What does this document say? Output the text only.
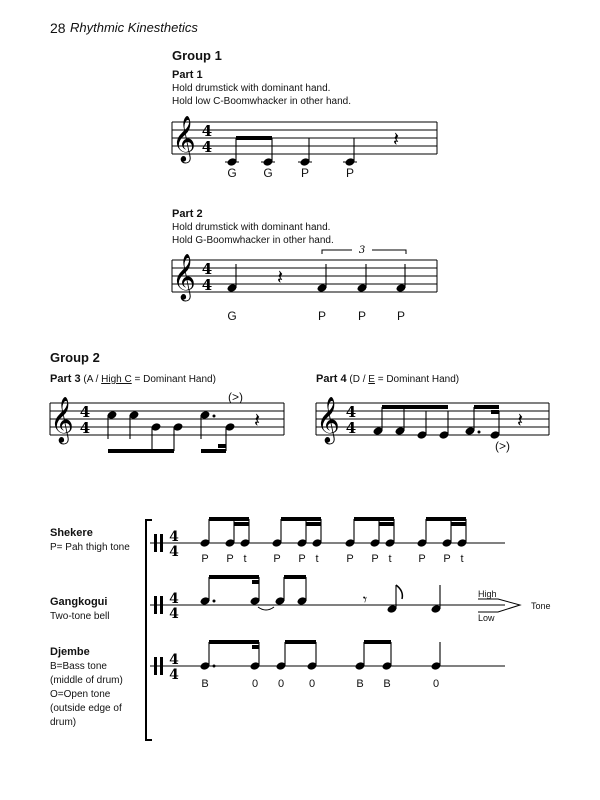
28 Rhythmic Kinesthetics
Group 1
Part 1
Hold drumstick with dominant hand.
Hold low C-Boomwhacker in other hand.
Part 2
Hold drumstick with dominant hand.
Hold G-Boomwhacker in other hand.
Group 2
Part 3 (A / High C = Dominant Hand)	Part 4 (D / E = Dominant Hand)
(>)
(>)
Shekere
P= Pah thigh tone
Gangkogui
Two-tone bell
Djembe
B=Bass tone (middle of drum) O=Open tone (outside edge of drum)
High
Low
Tone
G	G	P	P
G	P	P	P
P	P t	P	P t	P	P t	P	P t
B	0	0	0	B	B	0
𝄞 4
4	𝄽
𝄞 4
4	𝄽
3
𝄞 4
4	𝄽 𝄞 4
4	𝄽
4
4
4
4
4
4
𝄾
